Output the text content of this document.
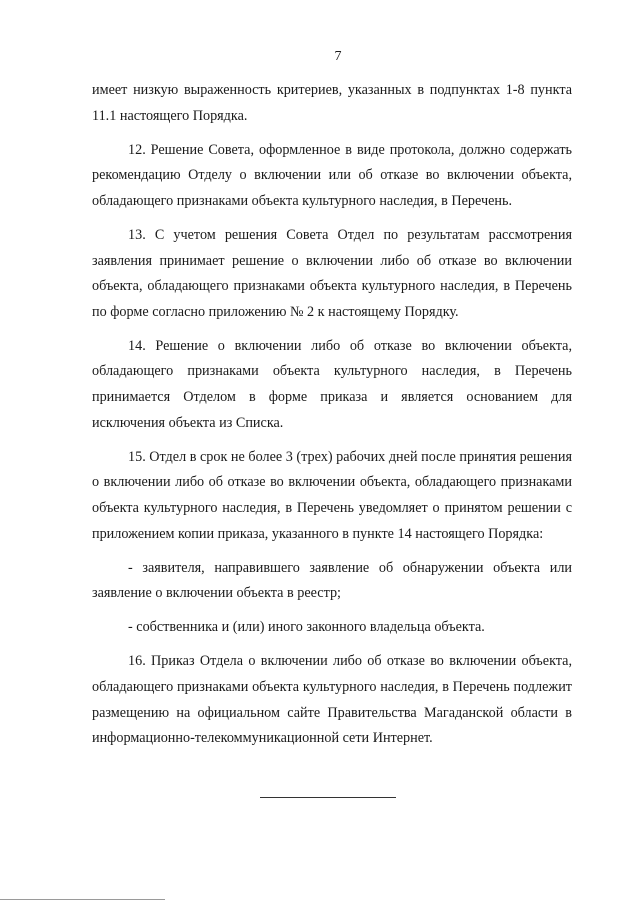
7

имеет низкую выраженность критериев, указанных в подпунктах 1-8 пункта 11.1 настоящего Порядка.

12. Решение Совета, оформленное в виде протокола, должно содержать рекомендацию Отделу о включении или об отказе во включении объекта, обладающего признаками объекта культурного наследия, в Перечень.

13. С учетом решения Совета Отдел по результатам рассмотрения заявления принимает решение о включении либо об отказе во включении объекта, обладающего признаками объекта культурного наследия, в Перечень по форме согласно приложению № 2 к настоящему Порядку.

14. Решение о включении либо об отказе во включении объекта, обладающего признаками объекта культурного наследия, в Перечень принимается Отделом в форме приказа и является основанием для исключения объекта из Списка.

15. Отдел в срок не более 3 (трех) рабочих дней после принятия решения о включении либо об отказе во включении объекта, обладающего признаками объекта культурного наследия, в Перечень уведомляет о принятом решении с приложением копии приказа, указанного в пункте 14 настоящего Порядка:

- заявителя, направившего заявление об обнаружении объекта или заявление о включении объекта в реестр;

- собственника и (или) иного законного владельца объекта.

16. Приказ Отдела о включении либо об отказе во включении объекта, обладающего признаками объекта культурного наследия, в Перечень подлежит размещению на официальном сайте Правительства Магаданской области в информационно-телекоммуникационной сети Интернет.
